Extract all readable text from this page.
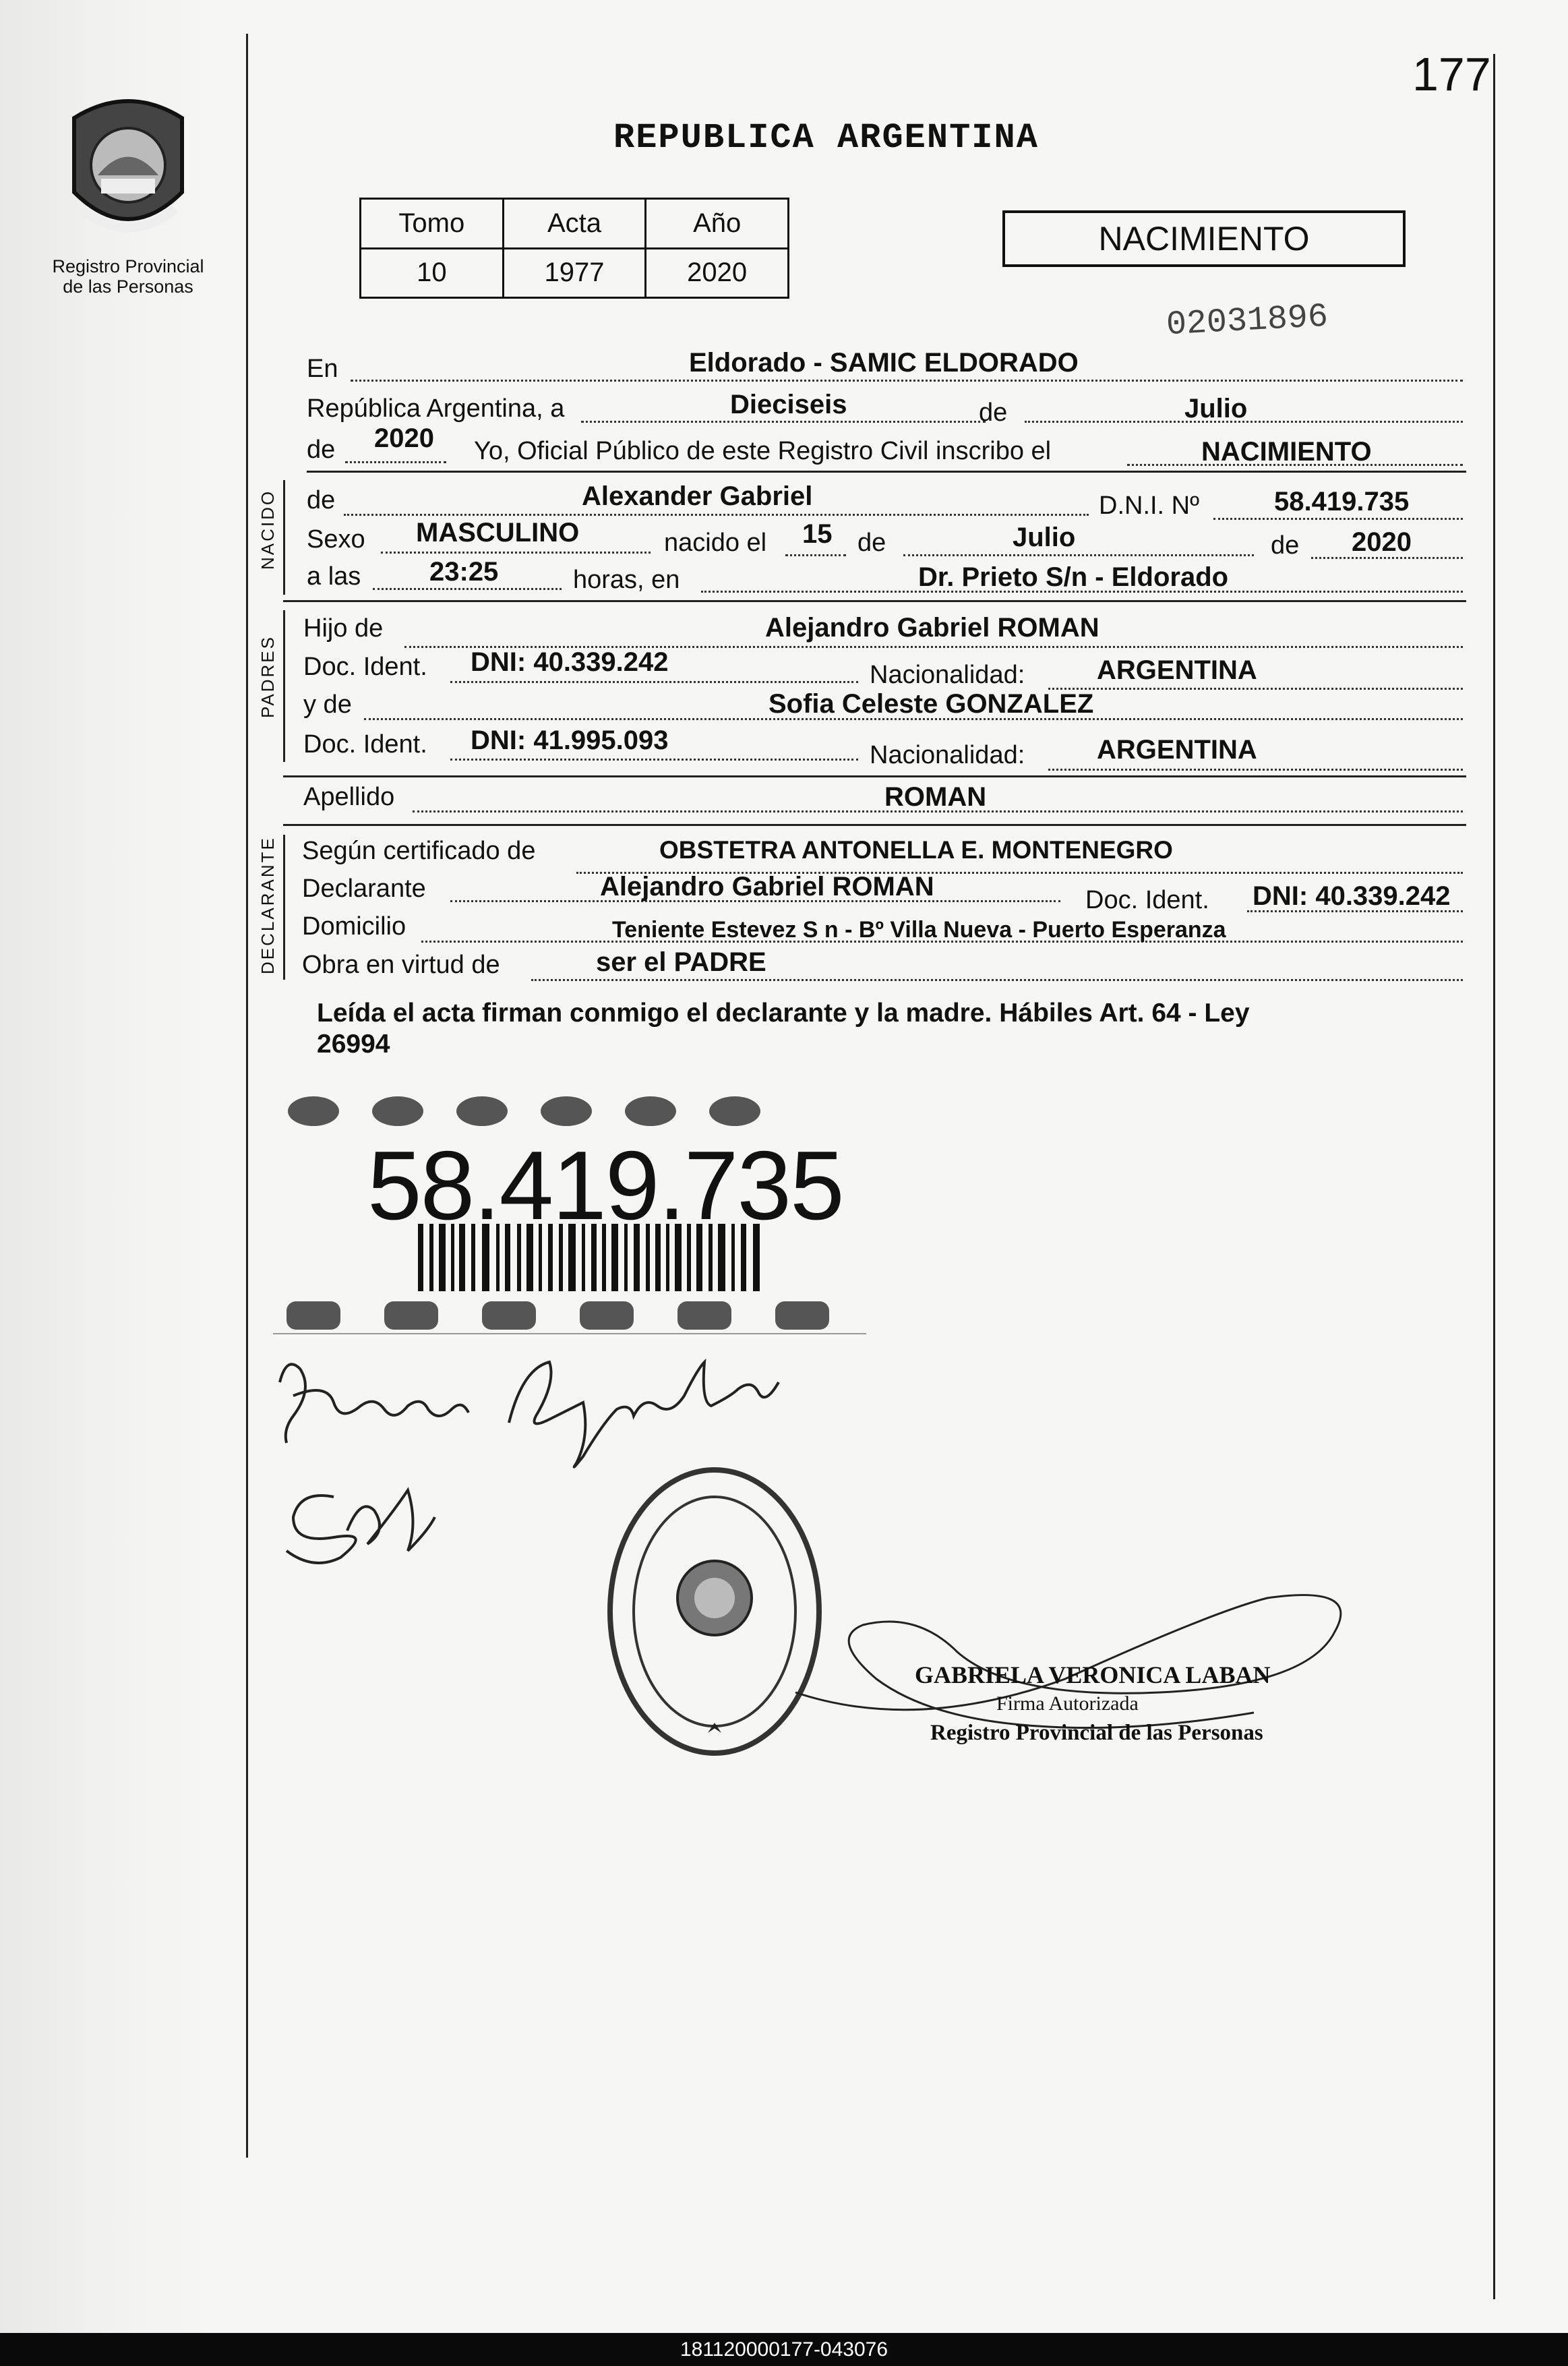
177
Registro Provincial
de las Personas
REPUBLICA ARGENTINA
Tomo	Acta	Año
10	1977	2020
NACIMIENTO
02031896
En	Eldorado - SAMIC ELDORADO
República Argentina, a	Dieciseis	de	Julio
de 2020 Yo, Oficial Público de este Registro Civil inscribo el	NACIMIENTO
NACIDO de	Alexander Gabriel	D.N.I. Nº	58.419.735
Sexo MASCULINO	nacido el 15 de	Julio	de 2020
a las	23:25	horas, en	Dr. Prieto S/n - Eldorado
PADRES
Hijo de	Alejandro Gabriel ROMAN
Doc. Ident. DNI: 40.339.242	Nacionalidad:	ARGENTINA
y de	Sofia Celeste GONZALEZ
Doc. Ident. DNI: 41.995.093	Nacionalidad:	ARGENTINA
Apellido	ROMAN
DECLARANTE Según certificado de	OBSTETRA ANTONELLA E. MONTENEGRO
Declarante	Alejandro Gabriel ROMAN	Doc. Ident. DNI: 40.339.242
Domicilio	Teniente Estevez S n - Bº Villa Nueva - Puerto Esperanza
Obra en virtud de	ser el PADRE
Leída el acta firman conmigo el declarante y la madre. Hábiles Art. 64 - Ley
26994
58.419.735
GABRIELA VERONICA LABAN
Firma Autorizada
Registro Provincial de las Personas
181120000177-043076
